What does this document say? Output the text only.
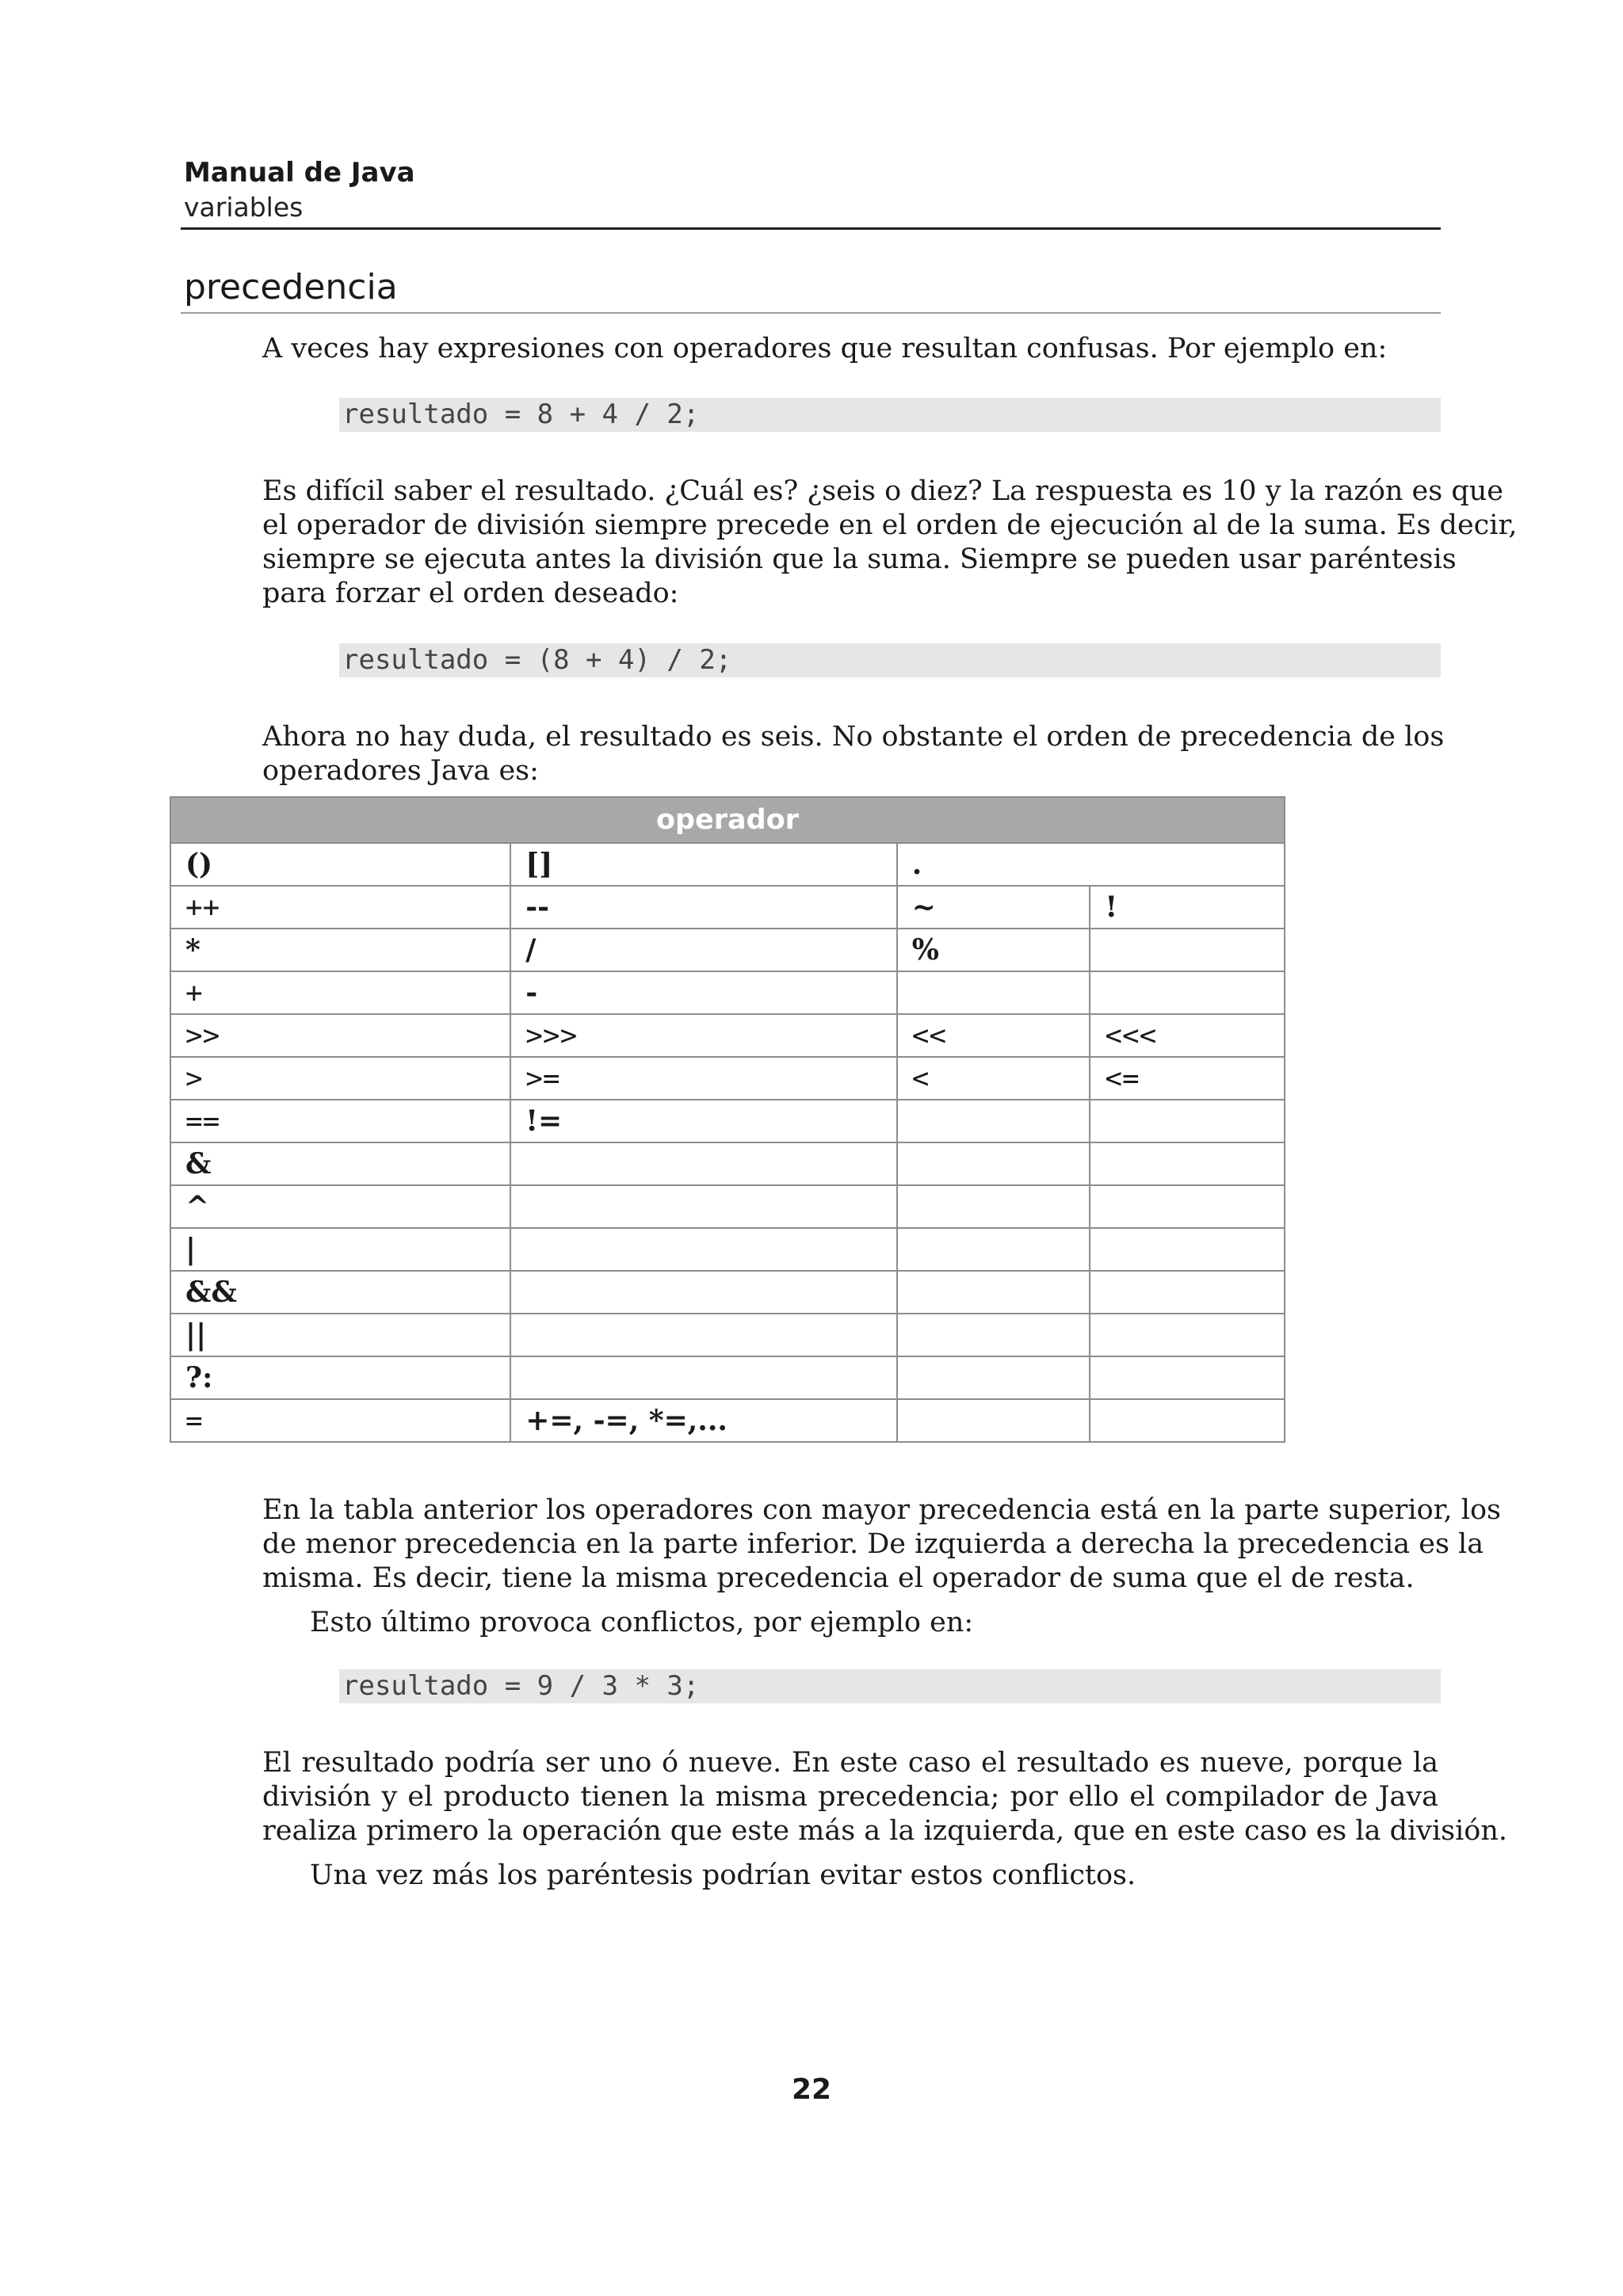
Manual de Java
variables
precedencia
A veces hay expresiones con operadores que resultan confusas. Por ejemplo en:
resultado = 8 + 4 / 2;
Es difícil saber el resultado. ¿Cuál es? ¿seis o diez? La respuesta es 10 y la razón es que
el operador de división siempre precede en el orden de ejecución al de la suma. Es decir,
siempre se ejecuta antes la división que la suma. Siempre se pueden usar paréntesis
para forzar el orden deseado:
resultado = (8 + 4) / 2;
Ahora no hay duda, el resultado es seis. No obstante el orden de precedencia de los
operadores Java es:
operador			
()	[]	.	
++	--	~	!
*	/	%	
+	-		
>>	>>>	<<	<<<
>	>=	<	<=
==	!=		
&			
^			
|			
&&			
||			
?:			
=	+=, -=, *=,...		
En la tabla anterior los operadores con mayor precedencia está en la parte superior, los
de menor precedencia en la parte inferior. De izquierda a derecha la precedencia es la
misma. Es decir, tiene la misma precedencia el operador de suma que el de resta.
Esto último provoca conflictos, por ejemplo en:
resultado = 9 / 3 * 3;
El resultado podría ser uno ó nueve. En este caso el resultado es nueve, porque la
división y el producto tienen la misma precedencia; por ello el compilador de Java
realiza primero la operación que este más a la izquierda, que en este caso es la división.
Una vez más los paréntesis podrían evitar estos conflictos.
22
